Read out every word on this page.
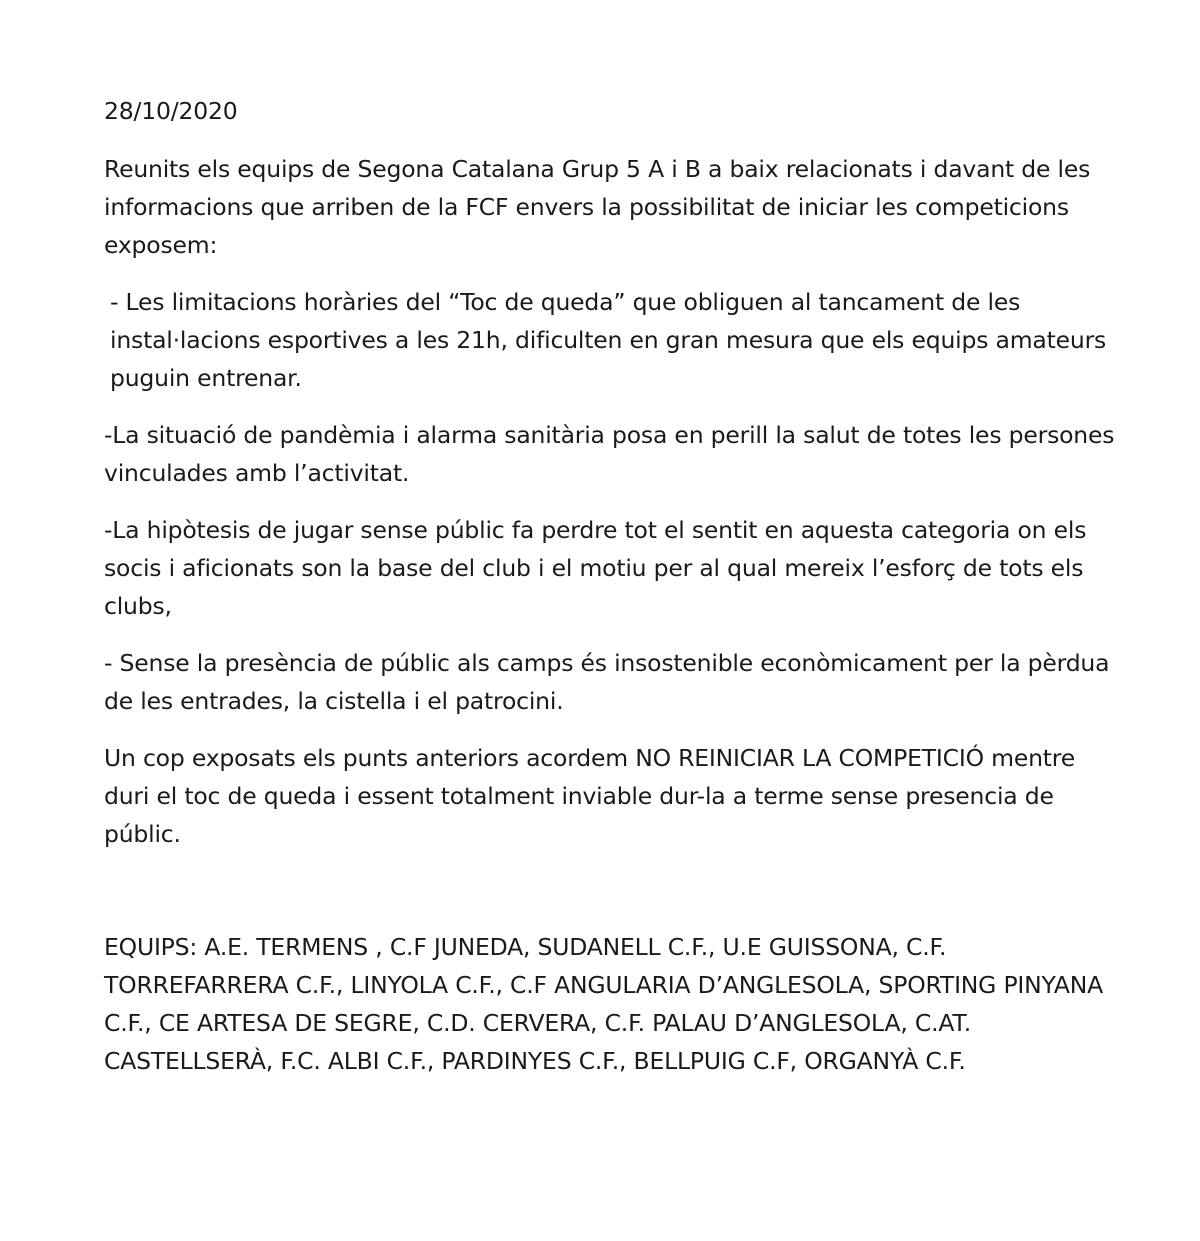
28/10/2020
Reunits els equips de Segona Catalana Grup 5 A i B a baix relacionats i davant de les informacions que arriben de la FCF envers la possibilitat de iniciar les competicions exposem:
- Les limitacions horàries del “Toc de queda” que obliguen al tancament de les instal·lacions esportives a les 21h, dificulten en gran mesura que els equips amateurs puguin entrenar.
-La situació de pandèmia i alarma sanitària posa en perill la salut de totes les persones vinculades amb l’activitat.
-La hipòtesis de jugar sense públic fa perdre tot el sentit en aquesta categoria on els socis i aficionats son la base del club i el motiu per al qual mereix l’esforç de tots els clubs,
- Sense la presència de públic als camps és insostenible econòmicament per la pèrdua de les entrades, la cistella i el patrocini.
Un cop exposats els punts anteriors acordem NO REINICIAR LA COMPETICIÓ mentre duri el toc de queda i essent totalment inviable dur-la a terme sense presencia de públic.
EQUIPS: A.E. TERMENS , C.F JUNEDA, SUDANELL C.F., U.E GUISSONA, C.F. TORREFARRERA C.F., LINYOLA C.F., C.F ANGULARIA D’ANGLESOLA, SPORTING PINYANA C.F., CE ARTESA DE SEGRE, C.D. CERVERA, C.F. PALAU D’ANGLESOLA, C.AT. CASTELLSERÀ, F.C. ALBI C.F., PARDINYES C.F., BELLPUIG C.F, ORGANYÀ C.F.
